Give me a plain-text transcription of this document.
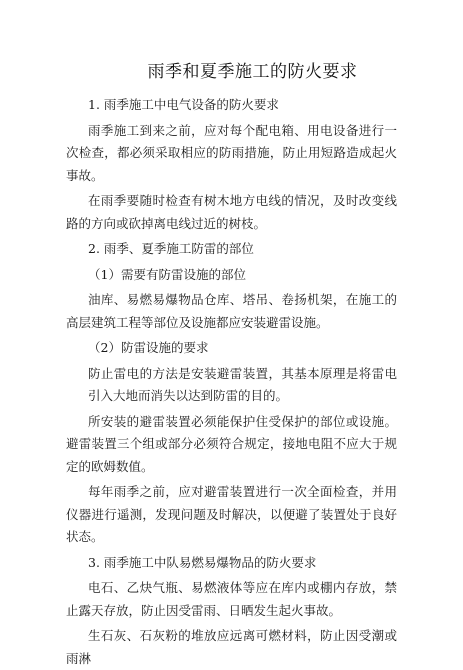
雨季和夏季施工的防火要求

1. 雨季施工中电气设备的防火要求

雨季施工到来之前，应对每个配电箱、用电设备进行一次检查，都必须采取相应的防雨措施，防止用短路造成起火事故。

在雨季要随时检查有树木地方电线的情况，及时改变线路的方向或砍掉离电线过近的树枝。

2. 雨季、夏季施工防雷的部位

（1）需要有防雷设施的部位

油库、易燃易爆物品仓库、塔吊、卷扬机架，在施工的高层建筑工程等部位及设施都应安装避雷设施。

（2）防雷设施的要求

防止雷电的方法是安装避雷装置，其基本原理是将雷电引入大地而消失以达到防雷的目的。

所安装的避雷装置必须能保护住受保护的部位或设施。避雷装置三个组或部分必须符合规定，接地电阻不应大于规定的欧姆数值。

每年雨季之前，应对避雷装置进行一次全面检查，并用仪器进行遥测，发现问题及时解决，以便避了装置处于良好状态。

3. 雨季施工中队易燃易爆物品的防火要求

电石、乙炔气瓶、易燃液体等应在库内或棚内存放，禁止露天存放，防止因受雷雨、日晒发生起火事故。

生石灰、石灰粉的堆放应远离可燃材料，防止因受潮或雨淋
